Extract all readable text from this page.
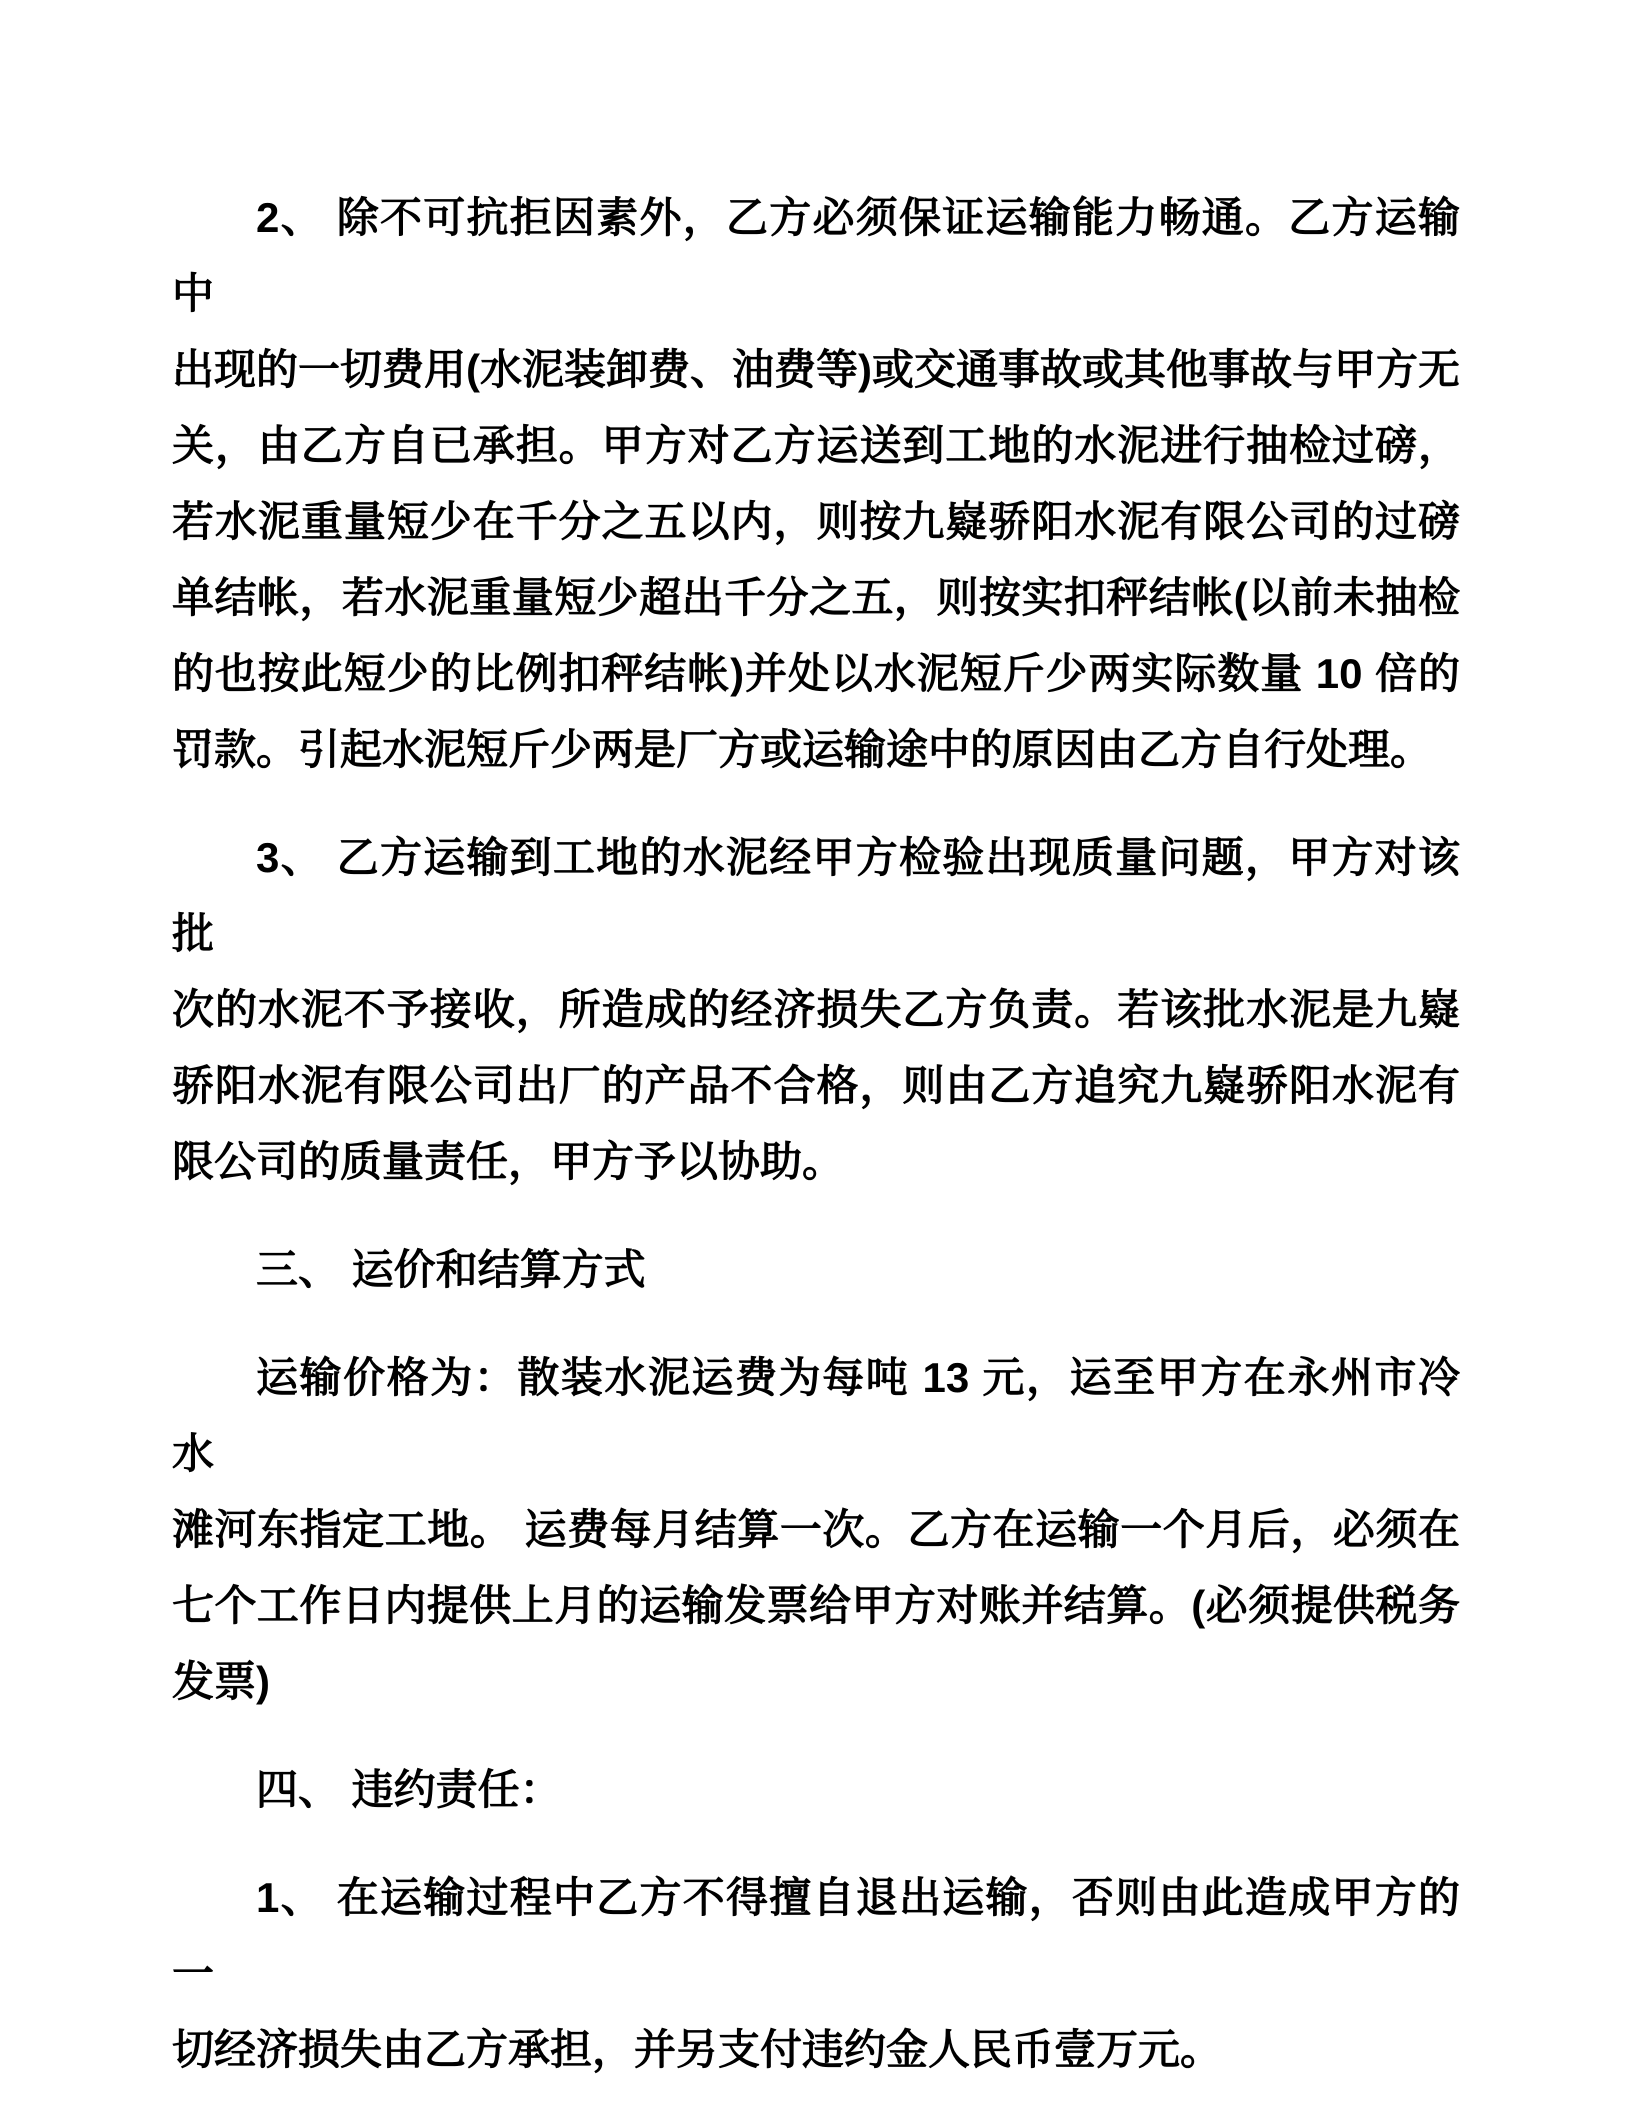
2、 除不可抗拒因素外，乙方必须保证运输能力畅通。乙方运输中
出现的一切费用(水泥装卸费、油费等)或交通事故或其他事故与甲方无
关，由乙方自已承担。甲方对乙方运送到工地的水泥进行抽检过磅，
若水泥重量短少在千分之五以内，则按九嶷骄阳水泥有限公司的过磅
单结帐，若水泥重量短少超出千分之五，则按实扣秤结帐(以前未抽检
的也按此短少的比例扣秤结帐)并处以水泥短斤少两实际数量 10 倍的
罚款。引起水泥短斤少两是厂方或运输途中的原因由乙方自行处理。
3、 乙方运输到工地的水泥经甲方检验出现质量问题，甲方对该批
次的水泥不予接收，所造成的经济损失乙方负责。若该批水泥是九嶷
骄阳水泥有限公司出厂的产品不合格，则由乙方追究九嶷骄阳水泥有
限公司的质量责任，甲方予以协助。
三、 运价和结算方式
运输价格为：散装水泥运费为每吨 13 元，运至甲方在永州市冷水
滩河东指定工地。 运费每月结算一次。乙方在运输一个月后，必须在
七个工作日内提供上月的运输发票给甲方对账并结算。(必须提供税务
发票)
四、 违约责任：
1、 在运输过程中乙方不得擅自退出运输，否则由此造成甲方的一
切经济损失由乙方承担，并另支付违约金人民币壹万元。
